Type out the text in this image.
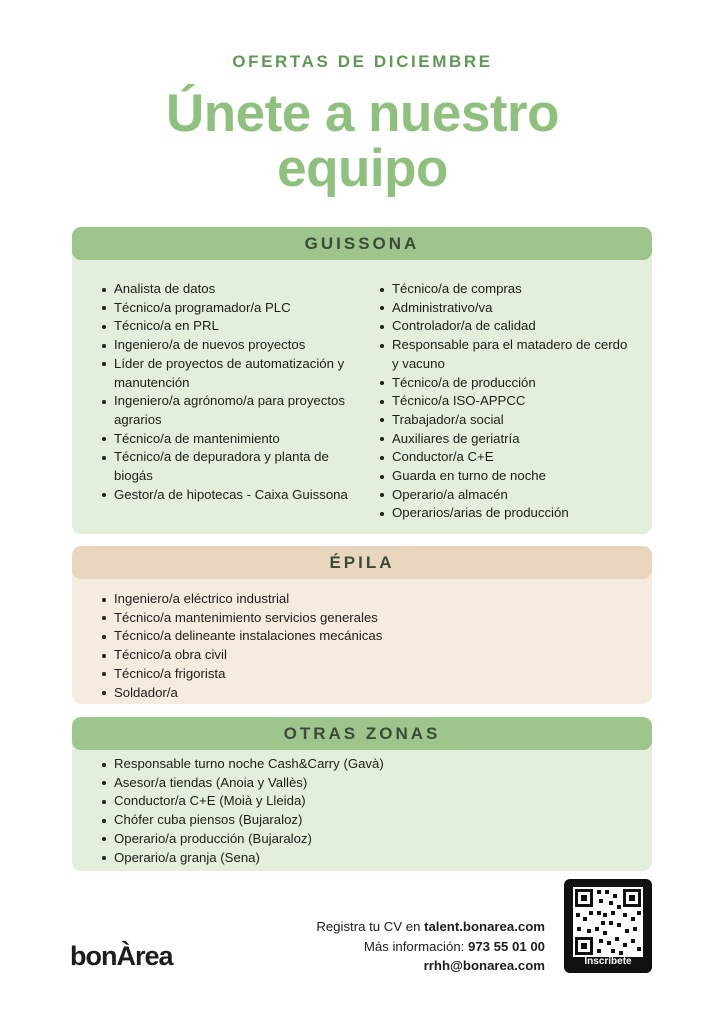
OFERTAS DE DICIEMBRE
Únete a nuestro
equipo
GUISSONA
Analista de datos
Técnico/a programador/a PLC
Técnico/a en PRL
Ingeniero/a de nuevos proyectos
Líder de proyectos de automatización y manutención
Ingeniero/a agrónomo/a para proyectos agrarios
Técnico/a de mantenimiento
Técnico/a de depuradora y planta de biogás
Gestor/a de hipotecas - Caixa Guissona
Técnico/a de compras
Administrativo/va
Controlador/a de calidad
Responsable para el matadero de cerdo y vacuno
Técnico/a de producción
Técnico/a ISO-APPCC
Trabajador/a social
Auxiliares de geriatría
Conductor/a C+E
Guarda en turno de noche
Operario/a almacén
Operarios/arias de producción
ÉPILA
Ingeniero/a eléctrico industrial
Técnico/a mantenimiento servicios generales
Técnico/a delineante instalaciones mecánicas
Técnico/a obra civil
Técnico/a frigorista
Soldador/a
OTRAS ZONAS
Responsable turno noche Cash&Carry (Gavà)
Asesor/a tiendas (Anoia y Vallès)
Conductor/a C+E (Moià y Lleida)
Chófer cuba piensos (Bujaraloz)
Operario/a producción (Bujaraloz)
Operario/a granja (Sena)
Registra tu CV en talent.bonarea.com
Más información: 973 55 01 00
rrhh@bonarea.com
bonÀrea	Inscríbete
